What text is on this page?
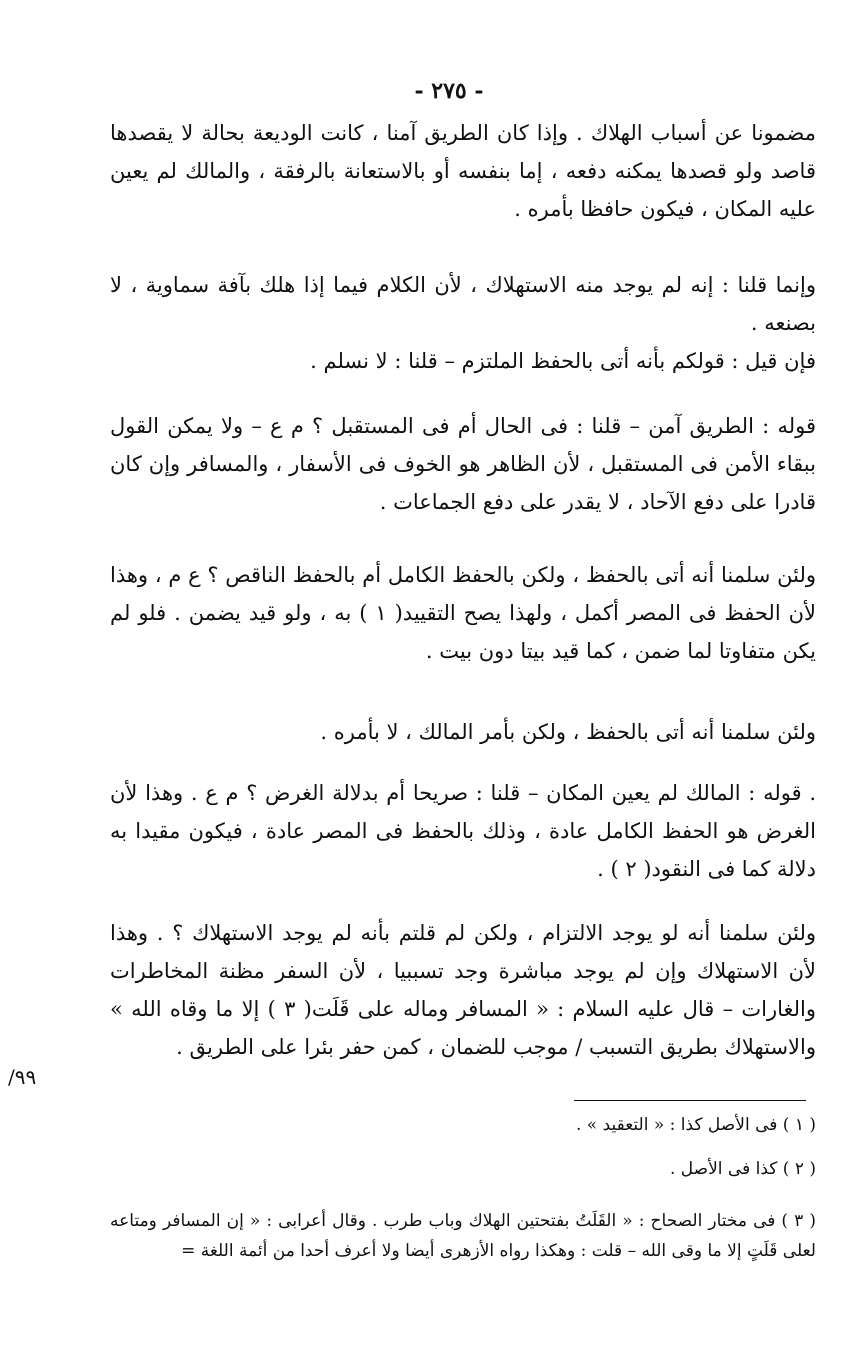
- ٢٧٥ -

مضمونا عن أسباب الهلاك . وإذا كان الطريق آمنا ، كانت الوديعة بحالة لا يقصدها قاصد ولو قصدها يمكنه دفعه ، إما بنفسه أو بالاستعانة بالرفقة ، والمالك لم يعين عليه المكان ، فيكون حافظا بأمره .

وإنما قلنا : إنه لم يوجد منه الاستهلاك ، لأن الكلام فيما إذا هلك بآفة سماوية ، لا بصنعه .

فإن قيل : قولكم بأنه أتى بالحفظ الملتزم – قلنا : لا نسلم .

قوله : الطريق آمن – قلنا : فى الحال أم فى المستقبل ؟ م ع – ولا يمكن القول ببقاء الأمن فى المستقبل ، لأن الظاهر هو الخوف فى الأسفار ، والمسافر وإن كان قادرا على دفع الآحاد ، لا يقدر على دفع الجماعات .

ولئن سلمنا أنه أتى بالحفظ ، ولكن بالحفظ الكامل أم بالحفظ الناقص ؟ ع م ، وهذا لأن الحفظ فى المصر أكمل ، ولهذا يصح التقييد( ١ ) به ، ولو قيد يضمن . فلو لم يكن متفاوتا لما ضمن ، كما قيد بيتا دون بيت .

ولئن سلمنا أنه أتى بالحفظ ، ولكن بأمر المالك ، لا بأمره .

. قوله : المالك لم يعين المكان – قلنا : صريحا أم بدلالة الغرض ؟ م ع . وهذا لأن الغرض هو الحفظ الكامل عادة ، وذلك بالحفظ فى المصر عادة ، فيكون مقيدا به دلالة كما فى النقود( ٢ ) .

ولئن سلمنا أنه لو يوجد الالتزام ، ولكن لم قلتم بأنه لم يوجد الاستهلاك ؟ . وهذا لأن الاستهلاك وإن لم يوجد مباشرة وجد تسببيا ، لأن السفر مظنة المخاطرات والغارات – قال عليه السلام : « المسافر وماله على قَلَت( ٣ ) إلا ما وقاه الله » والاستهلاك بطريق التسبب / موجب للضمان ، كمن حفر بئرا على الطريق .

٩٩/

( ١ ) فى الأصل كذا : « التعقيد » .

( ٢ ) كذا فى الأصل .

( ٣ ) فى مختار الصحاح : « القَلَتُ بفتحتين الهلاك وباب طرب . وقال أعرابى : « إن المسافر ومتاعه لعلى قَلَتٍ إلا ما وقى الله – قلت : وهكذا رواه الأزهرى أيضا ولا أعرف أحدا من أئمة اللغة =
